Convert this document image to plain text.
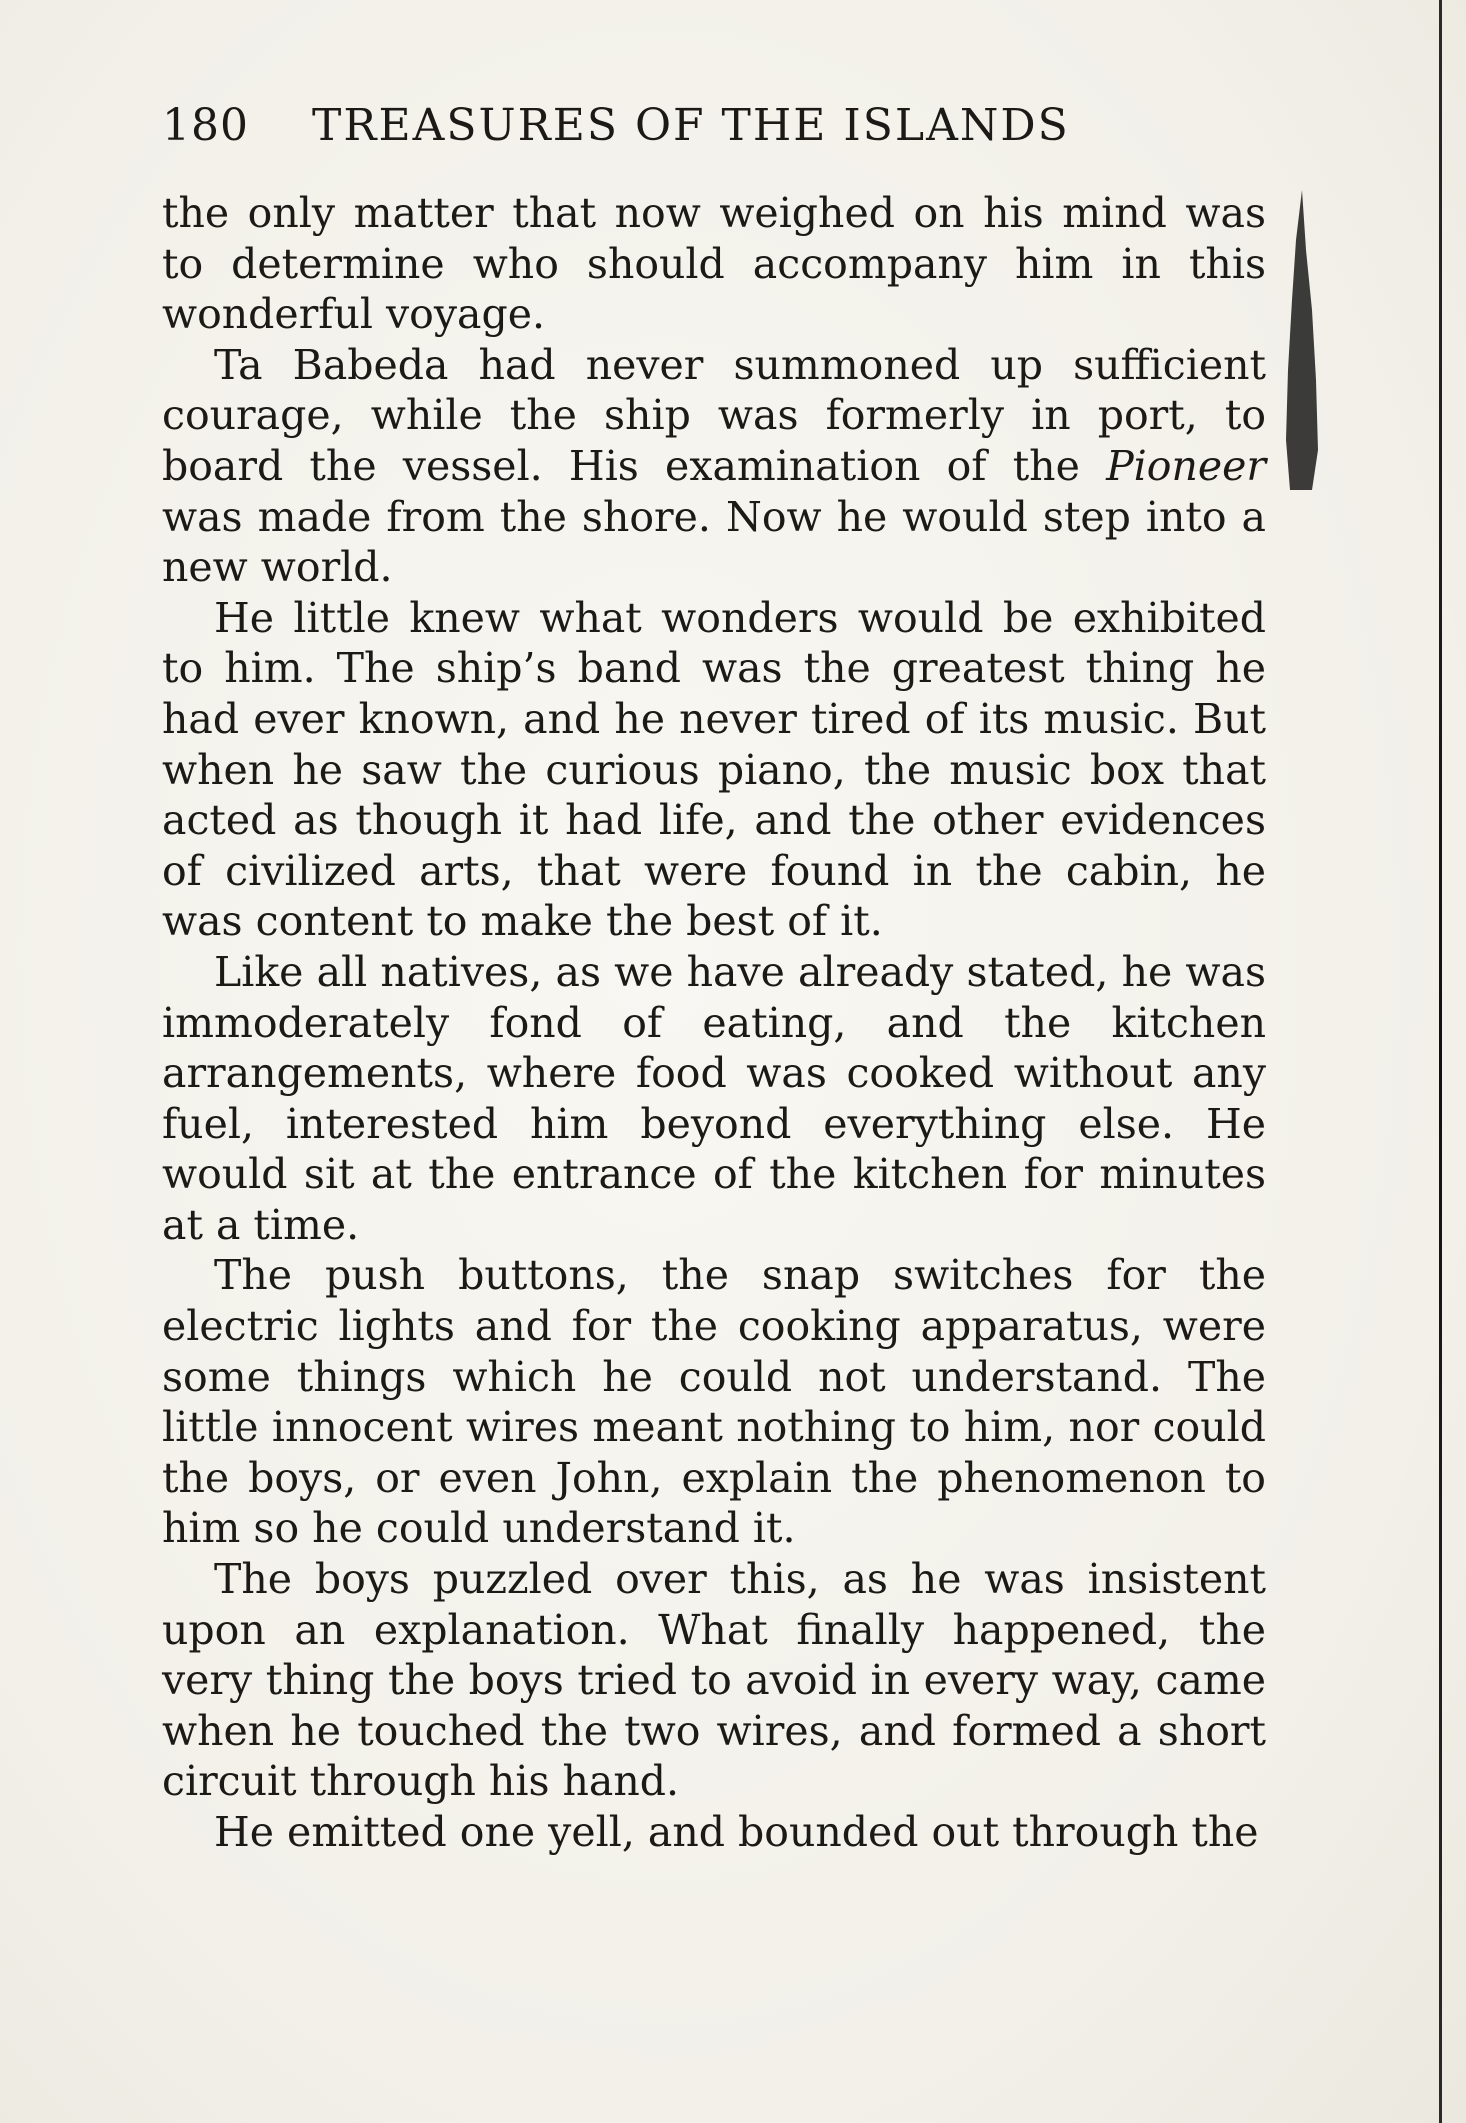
180 TREASURES OF THE ISLANDS

the only matter that now weighed on his mind was to determine who should accompany him in this wonderful voyage.

Ta Babeda had never summoned up sufficient courage, while the ship was formerly in port, to board the vessel. His examination of the Pioneer was made from the shore. Now he would step into a new world.

He little knew what wonders would be exhibited to him. The ship’s band was the greatest thing he had ever known, and he never tired of its music. But when he saw the curious piano, the music box that acted as though it had life, and the other evidences of civilized arts, that were found in the cabin, he was content to make the best of it.

Like all natives, as we have already stated, he was immoderately fond of eating, and the kitchen arrangements, where food was cooked without any fuel, interested him beyond everything else. He would sit at the entrance of the kitchen for minutes at a time.

The push buttons, the snap switches for the electric lights and for the cooking apparatus, were some things which he could not understand. The little innocent wires meant nothing to him, nor could the boys, or even John, explain the phenomenon to him so he could understand it.

The boys puzzled over this, as he was insistent upon an explanation. What finally happened, the very thing the boys tried to avoid in every way, came when he touched the two wires, and formed a short circuit through his hand.

He emitted one yell, and bounded out through the
